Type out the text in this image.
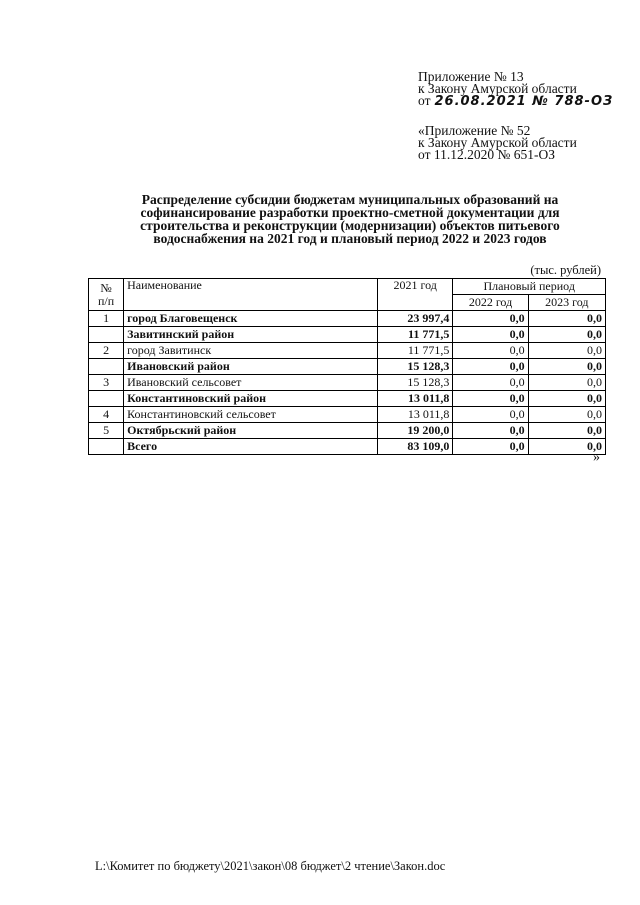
Приложение № 13
к Закону Амурской области
от 26.08.2021 № 788-ОЗ
«Приложение № 52
к Закону Амурской области
от 11.12.2020 № 651-ОЗ
Распределение субсидии бюджетам муниципальных образований на
софинансирование разработки проектно-сметной документации для
строительства и реконструкции (модернизации) объектов питьевого
водоснабжения на 2021 год и плановый период 2022 и 2023 годов
(тыс. рублей)
№
п/п	Наименование	2021 год	Плановый период	
			2022 год	2023 год
1	город Благовещенск	23 997,4	0,0	0,0
	Завитинский район	11 771,5	0,0	0,0
2	город Завитинск	11 771,5	0,0	0,0
	Ивановский район	15 128,3	0,0	0,0
3	Ивановский сельсовет	15 128,3	0,0	0,0
	Константиновский район	13 011,8	0,0	0,0
4	Константиновский сельсовет	13 011,8	0,0	0,0
5	Октябрьский район	19 200,0	0,0	0,0
	Всего	83 109,0	0,0	0,0
»
L:\Комитет по бюджету\2021\закон\08 бюджет\2 чтение\Закон.doc
